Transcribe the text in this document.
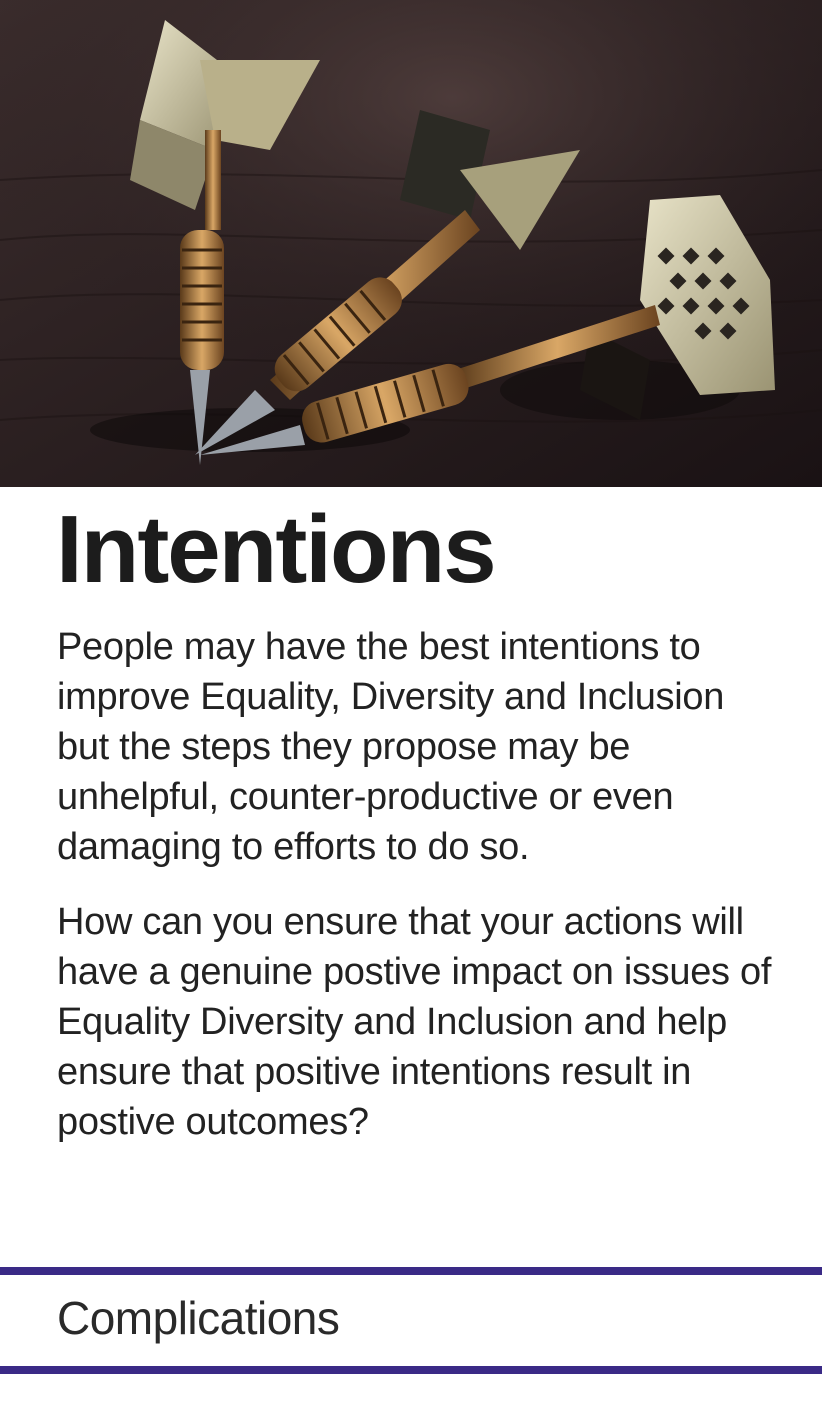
Intentions

People may have the best intentions to improve Equality, Diversity and Inclusion but the steps they propose may be unhelpful, counter-productive or even damaging to efforts to do so.

How can you ensure that your actions will have a genuine postive impact on issues of Equality Diversity and Inclusion and help ensure that positive intentions result in postive outcomes?

Complications
